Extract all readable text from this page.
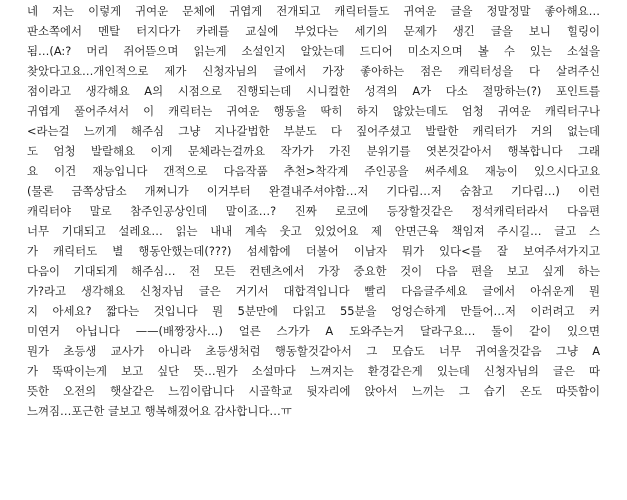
네 저는 이렇게 귀여운 문체에 귀엽게 전개되고 캐릭터들도 귀여운 글을 정말정말 좋아해요…
판소쪽에서 멘탈 터지다가 카레를 교실에 부었다는 세기의 문제가 생긴 글을 보니 힐링이
됨…(A:? 머리 쥐어뜯으며 읽는게 소설인지 알았는데 드디어 미소지으며 볼 수 있는 소설을
찾았다고요…개인적으로 제가 신청자님의 글에서 가장 좋아하는 점은 캐릭터성을 다 살려주신
점이라고 생각해요 A의 시점으로 진행되는데 시니컬한 성격의 A가 다소 절망하는(?) 포인트를
귀엽게 풀어주셔서 이 캐릭터는 귀여운 행동을 딱히 하지 않았는데도 엄청 귀여운 캐릭터구나
<라는걸 느끼게 해주심 그냥 지나갈법한 부분도 다 짚어주셨고 발랄한 캐릭터가 거의 없는데
도 엄청 발랄해요 이게 문체라는걸까요 작가가 가진 분위기를 엿본것같아서 행복합니다 그래
요 이건 재능입니다 갠적으로 다음작품 추천>착각계 주인공을 써주세요 재능이 있으시다고요
(물론 금쪽상담소 개쩌니가 이거부터 완결내주셔야함…저 기다림…저 숨참고 기다림…) 이런
캐릭터야 말로 참주인공상인데 말이죠…? 진짜 로코에 등장할것같은 정석캐릭터라서 다음편
너무 기대되고 설레요… 읽는 내내 계속 웃고 있었어요 제 안면근육 책임져 주시길… 글고 스
가 캐릭터도 별 행동안했는데(???) 섬세함에 더불어 이남자 뭐가 있다<를 잘 보여주셔가지고
다음이 기대되게 해주심… 전 모든 컨텐츠에서 가장 중요한 것이 다음 편을 보고 싶게 하는
가?라고 생각해요 신청자님 글은 거기서 대합격입니다 빨리 다음글주세요 글에서 아쉬운게 뭔
지 아세요? 짧다는 것입니다 뭔 5분만에 다읽고 55분을 엉엉슨하게 만들어…저 이러려고 커
미연거 아닙니다 ——(배짱장사…) 얼른 스가가 A 도와주는거 달라구요… 둘이 같이 있으면
뭔가 초등생 교사가 아니라 초등생처럼 행동할것같아서 그 모습도 너무 귀여울것같음 그냥 A
가 뚝딱이는게 보고 싶단 뜻…뭔가 소설마다 느껴지는 환경같은게 있는데 신청자님의 글은 따
뜻한 오전의 햇살같은 느낌이랍니다 시골학교 뒷자리에 앉아서 느끼는 그 습기 온도 따뜻함이
느껴짐…포근한 글보고 행복해졌어요 감사합니다…ㅠ
